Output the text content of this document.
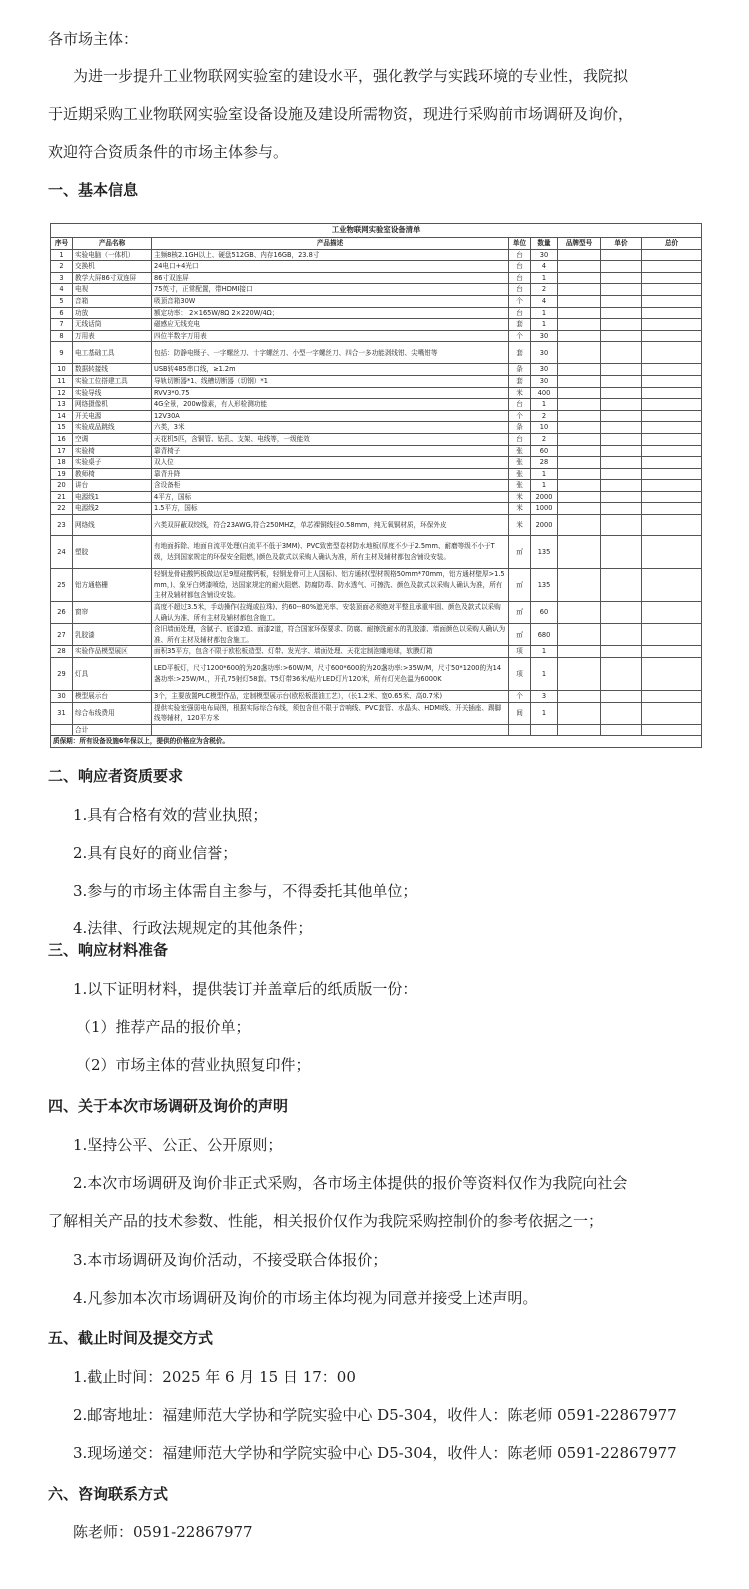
各市场主体：
为进一步提升工业物联网实验室的建设水平，强化教学与实践环境的专业性，我院拟
于近期采购工业物联网实验室设备设施及建设所需物资，现进行采购前市场调研及询价，
欢迎符合资质条件的市场主体参与。
一、基本信息
工业物联网实验室设备清单							
序号	产品名称	产品描述	单位	数量	品牌型号	单价	总价
1	实验电脑（一体机）	主频8核2.1GH以上、硬盘512GB、内存16GB，23.8寸	台	30			
2	交换机	24电口+4光口	台	4			
3	教学大屏86寸双连屏	86寸双连屏	台	1			
4	电视	75英寸，正常配置，带HDMI接口	台	2			
5	音箱	吸顶音箱30W	个	4			
6	功放	额定功率： 2×165W/8Ω 2×220W/4Ω；	台	1			
7	无线话筒	磁感应无线充电	套	1			
8	万用表	四位半数字万用表	个	30			
9	电工基础工具	包括：防静电镊子、一字螺丝刀、十字螺丝刀、小型一字螺丝刀、四合一多功能剥线钳、尖嘴钳等	套	30			
10	数据转接线	USB转485串口线，≥1.2m	条	30			
11	实验工位搭建工具	导轨切断器*1、线槽切断器（切钢）*1	套	30			
12	实验导线	RVV3*0.75	米	400			
13	网络摄像机	4G全景，200w像素，有人形检测功能	台	1			
14	开关电源	12V30A	个	2			
15	实验成品跳线	六类，3米	条	10			
16	空调	天花机5匹，含铜管、钻孔、支架、电线等，一级能效	台	2			
17	实验椅	靠背椅子	张	60			
18	实验桌子	双人位	张	28			
19	教师椅	靠背升降	张	1			
20	讲台	含设备柜	张	1			
21	电源线1	4平方，国标	米	2000			
22	电源线2	1.5平方，国标	米	1000			
23	网络线	六类双屏蔽双绞线，符合23AWG,符合250MHZ，单芯裸铜线径0.58mm，纯无氧铜材质，环保外皮	米	2000			
24	塑胶	有地面拆除、地面自流平处理(自流平不低于3MM)、PVC致密型卷材防水地板(厚度不少于2.5mm、耐磨等级不小于T级，达到国家规定的环保安全阻燃，)颜色及款式以采购人确认为准，所有主材及辅材都包含铺设安装。	㎡	135			
25	铝方通格栅	轻钢龙骨硅酸钙板做边(足9厘硅酸钙板，轻钢龙骨可上人国标)、铝方通材(型材规格50mm*70mm，铝方通材壁厚>1.5mm，)、象牙白烤漆喷绘，达国家规定的耐火阻燃、防腐防毒、防水透气、可擦洗、颜色及款式以采购人确认为准，所有主材及辅材都包含铺设安装。	㎡	135			
26	窗帘	高度不超过3.5米，手动操作(拉绳或拉珠)、约60--80%遮光率、安装顶面必须绝对平整且承重牢固、颜色及款式以采购人确认为准、所有主材及辅材都包含施工。	㎡	60			
27	乳胶漆	含旧墙面处理，含腻子、底漆2道、面漆2道，符合国家环保要求、防腐、耐擦洗耐水的乳胶漆、墙面颜色以采购人确认为准、所有主材及辅材都包含施工。	㎡	680			
28	实验作品模型展区	面积35平方，包含不限于欧松板造型、灯带、发光字、墙面处理、天花定制泡雕地球，软膜灯箱	项	1			
29	灯具	LED平板灯，尺寸1200*600的为20盏功率:>60W/M，尺寸600*600的为20盏功率:>35W/M，尺寸50*1200的为14盏功率:>25W/M、，开孔75射灯58套。T5灯带36米/贴片LED灯片120米，所有灯光色温为6000K	项	1			
30	模型展示台	3个，主要放置PLC模型作品，定制模型展示台(欧松板混油工艺），（长1.2米、宽0.65米、高0.7米)	个	3			
31	综合布线费用	提供实验室强弱电布局图，根据实际综合布线，须包含但不限于音响线、PVC套管、水晶头、HDMI线、开关插座、踢脚线等辅材，120平方米	间	1			
	合计						
质保期：所有设备设施6年保以上，提供的价格应为含税价。							
二、响应者资质要求
1.具有合格有效的营业执照；
2.具有良好的商业信誉；
3.参与的市场主体需自主参与，不得委托其他单位；
4.法律、行政法规规定的其他条件；
三、响应材料准备
1.以下证明材料，提供装订并盖章后的纸质版一份：
（1）推荐产品的报价单；
（2）市场主体的营业执照复印件；
四、关于本次市场调研及询价的声明
1.坚持公平、公正、公开原则；
2.本次市场调研及询价非正式采购，各市场主体提供的报价等资料仅作为我院向社会
了解相关产品的技术参数、性能，相关报价仅作为我院采购控制价的参考依据之一；
3.本市场调研及询价活动，不接受联合体报价；
4.凡参加本次市场调研及询价的市场主体均视为同意并接受上述声明。
五、截止时间及提交方式
1.截止时间：2025 年 6 月 15 日 17：00
2.邮寄地址：福建师范大学协和学院实验中心 D5-304，收件人：陈老师 0591-22867977
3.现场递交：福建师范大学协和学院实验中心 D5-304，收件人：陈老师 0591-22867977
六、咨询联系方式
陈老师：0591-22867977
